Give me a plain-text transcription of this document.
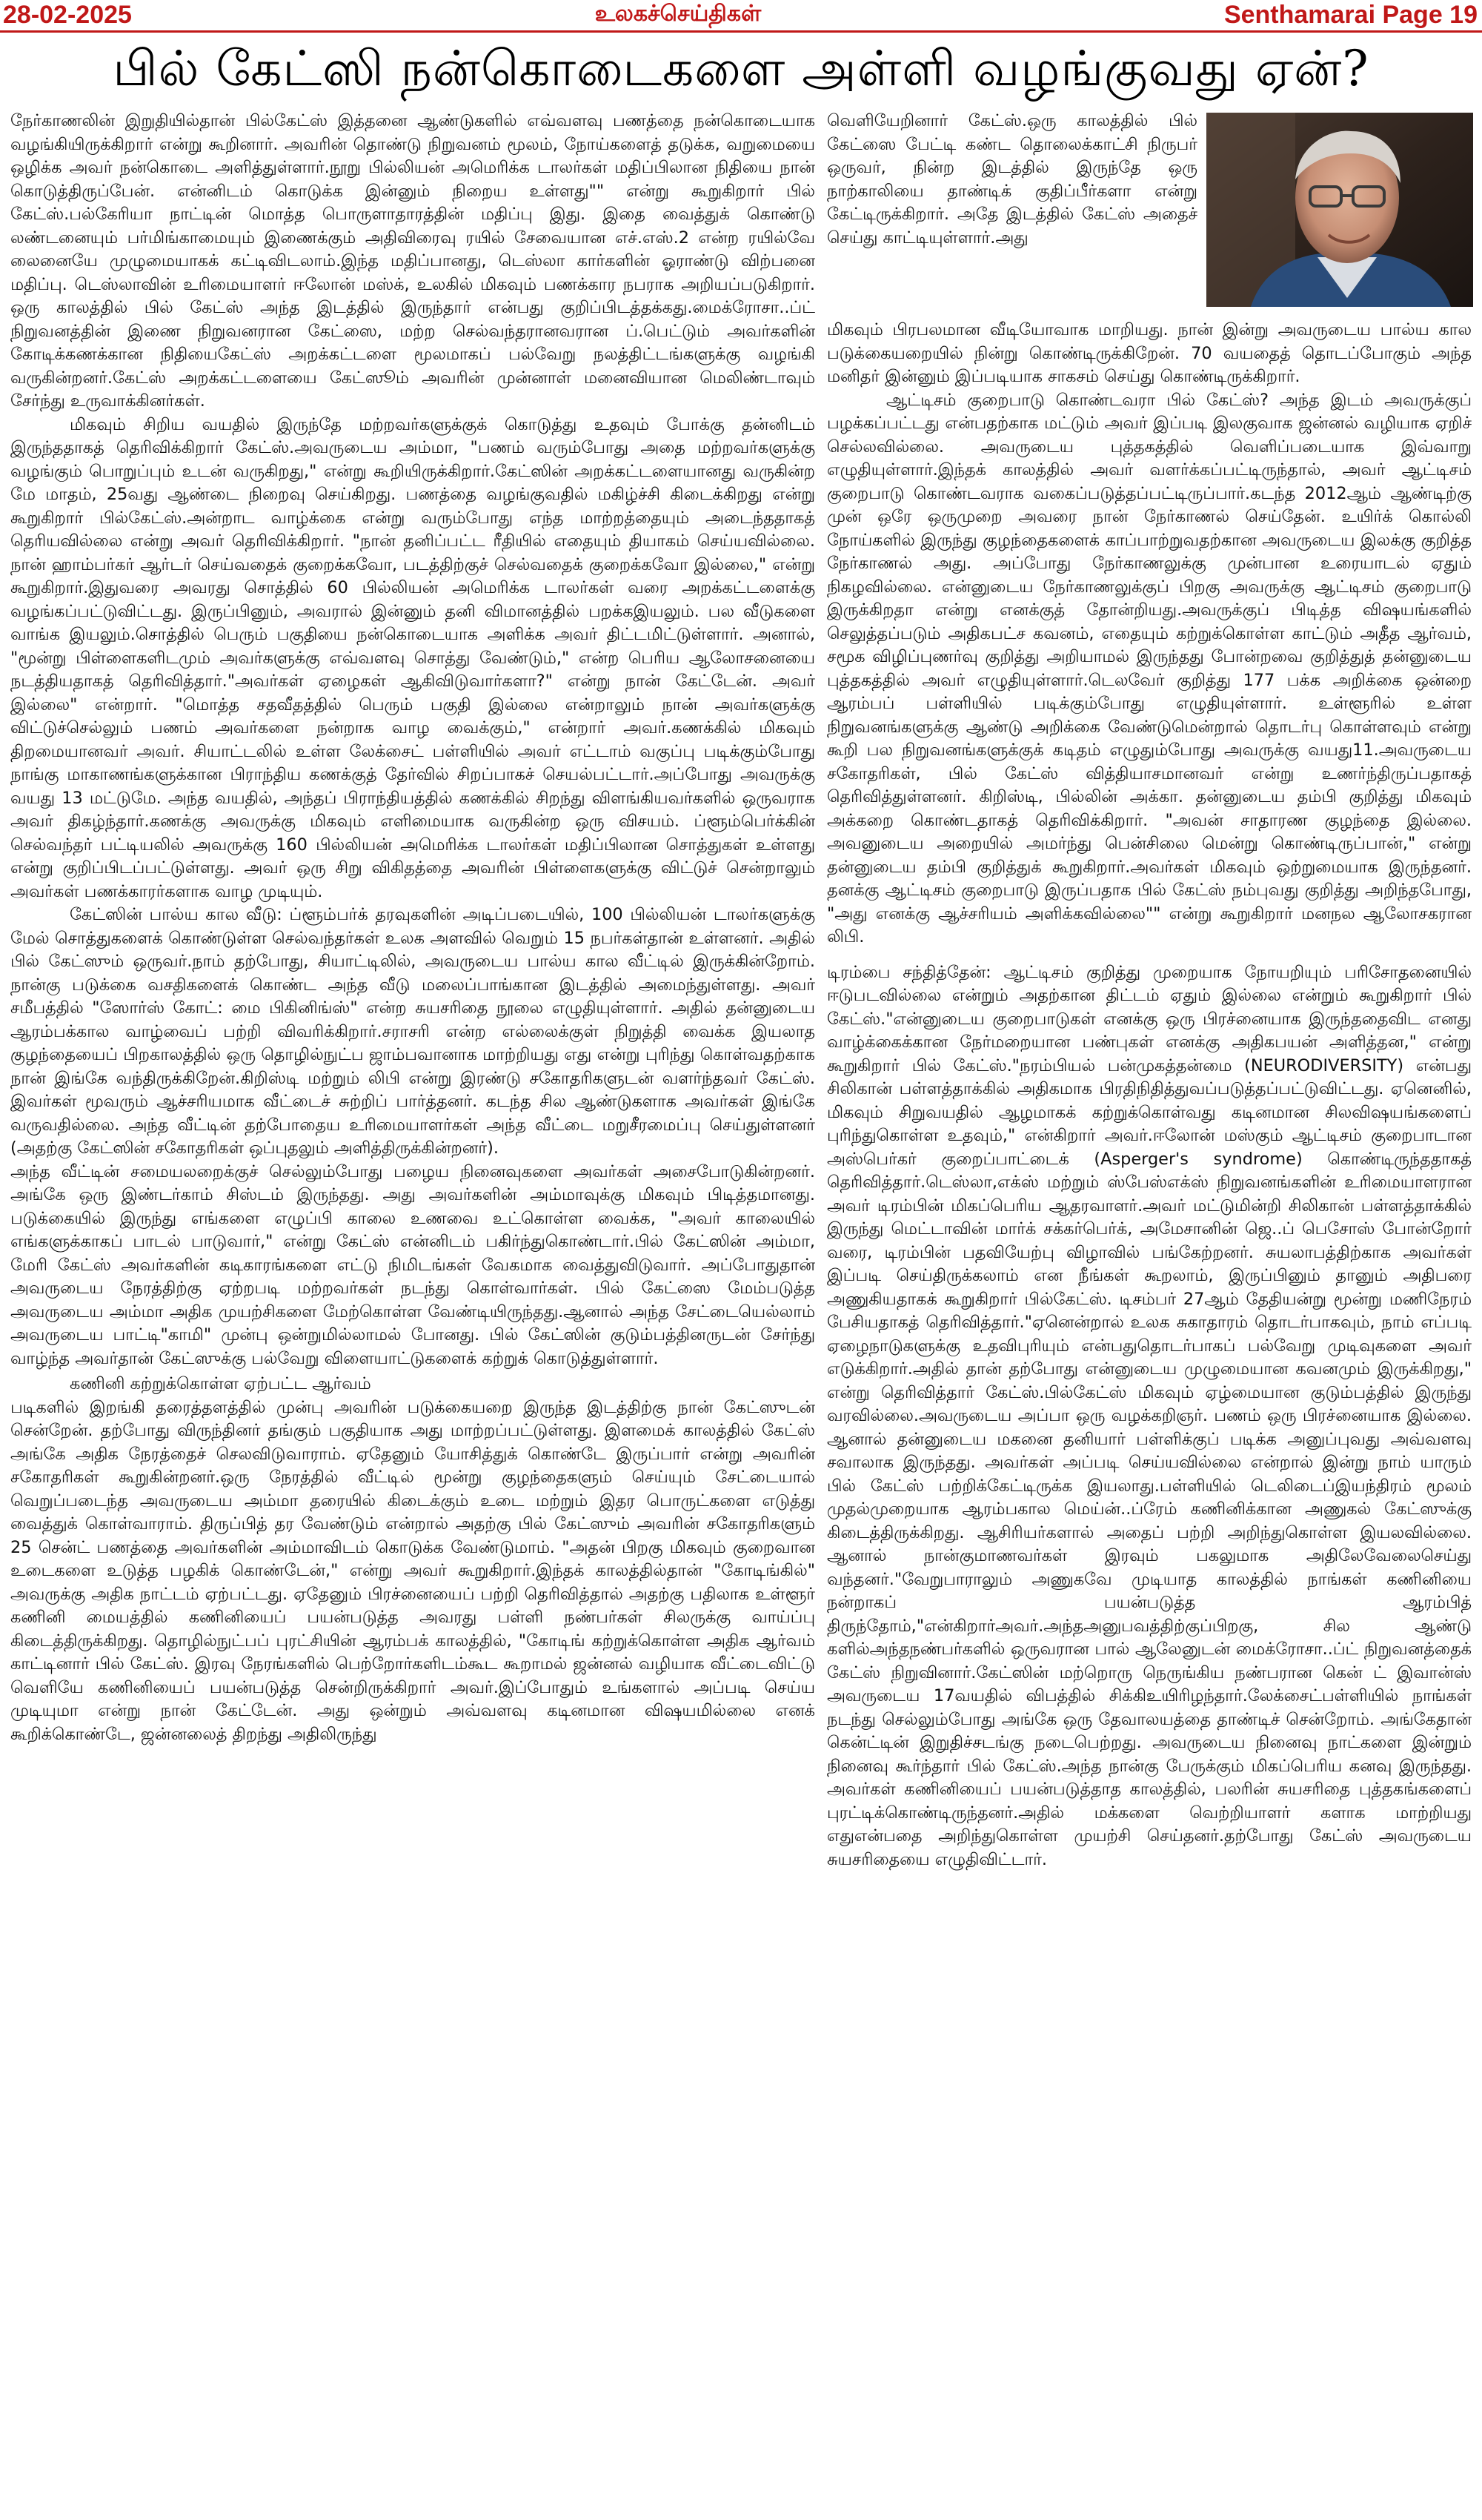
28-02-2025	உலகச்செய்திகள்	Senthamarai Page 19
பில் கேட்ஸி நன்கொடைகளை அள்ளி வழங்குவது ஏன்?

நேர்காணலின் இறுதியில்தான் பில்கேட்ஸ் இத்தனை ஆண்டுகளில் எவ்வளவு பணத்தை நன்கொடையாக வழங்கியிருக்கிறார் என்று கூறினார். அவரின் தொண்டு நிறுவனம் மூலம், நோய்களைத் தடுக்க, வறுமையை ஒழிக்க அவர் நன்கொடை அளித்துள்ளார்.நூறு பில்லியன் அமெரிக்க டாலர்கள் மதிப்பிலான நிதியை நான் கொடுத்திருப்பேன். என்னிடம் கொடுக்க இன்னும் நிறைய உள்ளது"" என்று கூறுகிறார் பில் கேட்ஸ்.பல்கேரியா நாட்டின் மொத்த பொருளாதாரத்தின் மதிப்பு இது. இதை வைத்துக் கொண்டு லண்டனையும் பர்மிங்காமையும் இணைக்கும் அதிவிரைவு ரயில் சேவையான எச்.எஸ்.2 என்ற ரயில்வே லைனையே முழுமையாகக் கட்டிவிடலாம்.இந்த மதிப்பானது, டெஸ்லா கார்களின் ஓராண்டு விற்பனை மதிப்பு. டெஸ்லாவின் உரிமையாளர் ஈலோன் மஸ்க், உலகில் மிகவும் பணக்கார நபராக அறியப்படுகிறார். ஒரு காலத்தில் பில் கேட்ஸ் அந்த இடத்தில் இருந்தார் என்பது குறிப்பிடத்தக்கது.மைக்ரோசா..ப்ட் நிறுவனத்தின் இணை நிறுவனரான கேட்ஸை, மற்ற செல்வந்தரானவரான ப்.பெட்டும் அவர்களின் கோடிக்கணக்கான நிதியைகேட்ஸ் அறக்கட்டளை மூலமாகப் பல்வேறு நலத்திட்டங்களுக்கு வழங்கி வருகின்றனர்.கேட்ஸ் அறக்கட்டளையை கேட்ஸூம் அவரின் முன்னாள் மனைவியான மெலிண்டாவும் சேர்ந்து உருவாக்கினர்கள்.

மிகவும் சிறிய வயதில் இருந்தே மற்றவர்களுக்குக் கொடுத்து உதவும் போக்கு தன்னிடம் இருந்ததாகத் தெரிவிக்கிறார் கேட்ஸ்.அவருடைய அம்மா, "பணம் வரும்போது அதை மற்றவர்களுக்கு வழங்கும் பொறுப்பும் உடன் வருகிறது," என்று கூறியிருக்கிறார்.கேட்ஸின் அறக்கட்டளையானது வருகின்ற மே மாதம், 25வது ஆண்டை நிறைவு செய்கிறது. பணத்தை வழங்குவதில் மகிழ்ச்சி கிடைக்கிறது என்று கூறுகிறார் பில்கேட்ஸ்.அன்றாட வாழ்க்கை என்று வரும்போது எந்த மாற்றத்தையும் அடைந்ததாகத் தெரியவில்லை என்று அவர் தெரிவிக்கிறார். "நான் தனிப்பட்ட ரீதியில் எதையும் தியாகம் செய்யவில்லை. நான் ஹாம்பர்கர் ஆர்டர் செய்வதைக் குறைக்கவோ, படத்திற்குச் செல்வதைக் குறைக்கவோ இல்லை," என்று கூறுகிறார்.இதுவரை அவரது சொத்தில் 60 பில்லியன் அமெரிக்க டாலர்கள் வரை அறக்கட்டளைக்கு வழங்கப்பட்டுவிட்டது. இருப்பினும், அவரால் இன்னும் தனி விமானத்தில் பறக்கஇயலும். பல வீடுகளை வாங்க இயலும்.சொத்தில் பெரும் பகுதியை நன்கொடையாக அளிக்க அவர் திட்டமிட்டுள்ளார். அனால், "மூன்று பிள்ளைகளிடமும் அவர்களுக்கு எவ்வளவு சொத்து வேண்டும்," என்ற பெரிய ஆலோசனையை நடத்தியதாகத் தெரிவித்தார்."அவர்கள் ஏழைகள் ஆகிவிடுவார்களா?" என்று நான் கேட்டேன். அவர் இல்லை" என்றார். "மொத்த சதவீதத்தில் பெரும் பகுதி இல்லை என்றாலும் நான் அவர்களுக்கு விட்டுச்செல்லும் பணம் அவர்களை நன்றாக வாழ வைக்கும்," என்றார் அவர்.கணக்கில் மிகவும் திறமையானவர் அவர். சியாட்டலில் உள்ள லேக்சைட் பள்ளியில் அவர் எட்டாம் வகுப்பு படிக்கும்போது நாங்கு மாகாணங்களுக்கான பிராந்திய கணக்குத் தேர்வில் சிறப்பாகச் செயல்பட்டார்.அப்போது அவருக்கு வயது 13 மட்டுமே. அந்த வயதில், அந்தப் பிராந்தியத்தில் கணக்கில் சிறந்து விளங்கியவர்களில் ஒருவராக அவர் திகழ்ந்தார்.கணக்கு அவருக்கு மிகவும் எளிமையாக வருகின்ற ஒரு விசயம். ப்ளூம்பெர்க்கின் செல்வந்தர் பட்டியலில் அவருக்கு 160 பில்லியன் அமெரிக்க டாலர்கள் மதிப்பிலான சொத்துகள் உள்ளது என்று குறிப்பிடப்பட்டுள்ளது. அவர் ஒரு சிறு விகிதத்தை அவரின் பிள்ளைகளுக்கு விட்டுச் சென்றாலும் அவர்கள் பணக்காரர்களாக வாழ முடியும்.

கேட்ஸின் பால்ய கால வீடு: ப்ளூம்பர்க் தரவுகளின் அடிப்படையில், 100 பில்லியன் டாலர்களுக்கு மேல் சொத்துகளைக் கொண்டுள்ள செல்வந்தர்கள் உலக அளவில் வெறும் 15 நபர்கள்தான் உள்ளனர். அதில் பில் கேட்ஸும் ஒருவர்.நாம் தற்போது, சியாட்டிலில், அவருடைய பால்ய கால வீட்டில் இருக்கின்றோம். நான்கு படுக்கை வசதிகளைக் கொண்ட அந்த வீடு மலைப்பாங்கான இடத்தில் அமைந்துள்ளது. அவர் சமீபத்தில் "ஸோர்ஸ் கோட்: மை பிகினிங்ஸ்" என்ற சுயசரிதை நூலை எழுதியுள்ளார். அதில் தன்னுடைய ஆரம்பக்கால வாழ்வைப் பற்றி விவரிக்கிறார்.சராசரி என்ற எல்லைக்குள் நிறுத்தி வைக்க இயலாத குழந்தையைப் பிறகாலத்தில் ஒரு தொழில்நுட்ப ஜாம்பவானாக மாற்றியது எது என்று புரிந்து கொள்வதற்காக நான் இங்கே வந்திருக்கிறேன்.கிறிஸ்டி மற்றும் லிபி என்று இரண்டு சகோதரிகளுடன் வளர்ந்தவர் கேட்ஸ். இவர்கள் மூவரும் ஆச்சரியமாக வீட்டைச் சுற்றிப் பார்த்தனர். கடந்த சில ஆண்டுகளாக அவர்கள் இங்கே வருவதில்லை. அந்த வீட்டின் தற்போதைய உரிமையாளர்கள் அந்த வீட்டை மறுசீரமைப்பு செய்துள்ளனர் (அதற்கு கேட்ஸின் சகோதரிகள் ஒப்புதலும் அளித்திருக்கின்றனர்).

அந்த வீட்டின் சமையலறைக்குச் செல்லும்போது பழைய நினைவுகளை அவர்கள் அசைபோடுகின்றனர். அங்கே ஒரு இண்டர்காம் சிஸ்டம் இருந்தது. அது அவர்களின் அம்மாவுக்கு மிகவும் பிடித்தமானது. படுக்கையில் இருந்து எங்களை எழுப்பி காலை உணவை உட்கொள்ள வைக்க, "அவர் காலையில் எங்களுக்காகப் பாடல் பாடுவார்," என்று கேட்ஸ் என்னிடம் பகிர்ந்துகொண்டார்.பில் கேட்ஸின் அம்மா, மேரி கேட்ஸ் அவர்களின் கடிகாரங்களை எட்டு நிமிடங்கள் வேகமாக வைத்துவிடுவார். அப்போதுதான் அவருடைய நேரத்திற்கு ஏற்றபடி மற்றவர்கள் நடந்து கொள்வார்கள். பில் கேட்ஸை மேம்படுத்த அவருடைய அம்மா அதிக முயற்சிகளை மேற்கொள்ள வேண்டியிருந்தது.ஆனால் அந்த சேட்டையெல்லாம் அவருடைய பாட்டி"காமி" முன்பு ஒன்றுமில்லாமல் போனது. பில் கேட்ஸின் குடும்பத்தினருடன் சேர்ந்து வாழ்ந்த அவர்தான் கேட்ஸுக்கு பல்வேறு விளையாட்டுகளைக் கற்றுக் கொடுத்துள்ளார்.

கணினி கற்றுக்கொள்ள ஏற்பட்ட ஆர்வம்

படிகளில் இறங்கி தரைத்தளத்தில் முன்பு அவரின் படுக்கையறை இருந்த இடத்திற்கு நான் கேட்ஸுடன் சென்றேன். தற்போது விருந்தினர் தங்கும் பகுதியாக அது மாற்றப்பட்டுள்ளது. இளமைக் காலத்தில் கேட்ஸ் அங்கே அதிக நேரத்தைச் செலவிடுவாராம். ஏதேனும் யோசித்துக் கொண்டே இருப்பார் என்று அவரின் சகோதரிகள் கூறுகின்றனர்.ஒரு நேரத்தில் வீட்டில் மூன்று குழந்தைகளும் செய்யும் சேட்டையால் வெறுப்படைந்த அவருடைய அம்மா தரையில் கிடைக்கும் உடை மற்றும் இதர பொருட்களை எடுத்து வைத்துக் கொள்வாராம். திருப்பித் தர வேண்டும் என்றால் அதற்கு பில் கேட்ஸும் அவரின் சகோதரிகளும் 25 சென்ட் பணத்தை அவர்களின் அம்மாவிடம் கொடுக்க வேண்டுமாம். "அதன் பிறகு மிகவும் குறைவான உடைகளை உடுத்த பழகிக் கொண்டேன்," என்று அவர் கூறுகிறார்.இந்தக் காலத்தில்தான் "கோடிங்கில்" அவருக்கு அதிக நாட்டம் ஏற்பட்டது. ஏதேனும் பிரச்னையைப் பற்றி தெரிவித்தால் அதற்கு பதிலாக உள்ளூர் கணினி மையத்தில் கணினியைப் பயன்படுத்த அவரது பள்ளி நண்பர்கள் சிலருக்கு வாய்ப்பு கிடைத்திருக்கிறது. தொழில்நுட்பப் புரட்சியின் ஆரம்பக் காலத்தில், "கோடிங் கற்றுக்கொள்ள அதிக ஆர்வம் காட்டினார் பில் கேட்ஸ். இரவு நேரங்களில் பெற்றோர்களிடம்கூட கூறாமல் ஜன்னல் வழியாக வீட்டைவிட்டு வெளியே கணினியைப் பயன்படுத்த சென்றிருக்கிறார் அவர்.இப்போதும் உங்களால் அப்படி செய்ய முடியுமா என்று நான் கேட்டேன். அது ஒன்றும் அவ்வளவு கடினமான விஷயமில்லை எனக் கூறிக்கொண்டே, ஜன்னலைத் திறந்து அதிலிருந்து

வெளியேறினார் கேட்ஸ்.ஒரு காலத்தில் பில் கேட்ஸை பேட்டி கண்ட தொலைக்காட்சி நிருபர் ஒருவர், நின்ற இடத்தில் இருந்தே ஒரு நாற்காலியை தாண்டிக் குதிப்பீர்களா என்று கேட்டிருக்கிறார். அதே இடத்தில் கேட்ஸ் அதைச் செய்து காட்டியுள்ளார்.அது

மிகவும் பிரபலமான வீடியோவாக மாறியது. நான் இன்று அவருடைய பால்ய கால படுக்கையறையில் நின்று கொண்டிருக்கிறேன். 70 வயதைத் தொடப்போகும் அந்த மனிதர் இன்னும் இப்படியாக சாகசம் செய்து கொண்டிருக்கிறார்.

ஆட்டிசம் குறைபாடு கொண்டவரா பில் கேட்ஸ்? அந்த இடம் அவருக்குப் பழக்கப்பட்டது என்பதற்காக மட்டும் அவர் இப்படி இலகுவாக ஜன்னல் வழியாக ஏறிச் செல்லவில்லை. அவருடைய புத்தகத்தில் வெளிப்படையாக இவ்வாறு எழுதியுள்ளார்.இந்தக் காலத்தில் அவர் வளர்க்கப்பட்டிருந்தால், அவர் ஆட்டிசம் குறைபாடு கொண்டவராக வகைப்படுத்தப்பட்டிருப்பார்.கடந்த 2012ஆம் ஆண்டிற்கு முன் ஒரே ஒருமுறை அவரை நான் நேர்காணல் செய்தேன். உயிர்க் கொல்லி நோய்களில் இருந்து குழந்தைகளைக் காப்பாற்றுவதற்கான அவருடைய இலக்கு குறித்த நேர்காணல் அது. அப்போது நேர்காணலுக்கு முன்பான உரையாடல் ஏதும் நிகழவில்லை. என்னுடைய நேர்காணலுக்குப் பிறகு அவருக்கு ஆட்டிசம் குறைபாடு இருக்கிறதா என்று எனக்குத் தோன்றியது.அவருக்குப் பிடித்த விஷயங்களில் செலுத்தப்படும் அதிகபட்ச கவனம், எதையும் கற்றுக்கொள்ள காட்டும் அதீத ஆர்வம், சமூக விழிப்புணர்வு குறித்து அறியாமல் இருந்தது போன்றவை குறித்துத் தன்னுடைய புத்தகத்தில் அவர் எழுதியுள்ளார்.டெலவேர் குறித்து 177 பக்க அறிக்கை ஒன்றை ஆரம்பப் பள்ளியில் படிக்கும்போது எழுதியுள்ளார். உள்ளூரில் உள்ள நிறுவனங்களுக்கு ஆண்டு அறிக்கை வேண்டுமென்றால் தொடர்பு கொள்ளவும் என்று கூறி பல நிறுவனங்களுக்குக் கடிதம் எழுதும்போது அவருக்கு வயது11.அவருடைய சகோதரிகள், பில் கேட்ஸ் வித்தியாசமானவர் என்று உணர்ந்திருப்பதாகத் தெரிவித்துள்ளனர். கிறிஸ்டி, பில்லின் அக்கா. தன்னுடைய தம்பி குறித்து மிகவும் அக்கறை கொண்டதாகத் தெரிவிக்கிறார். "அவன் சாதாரண குழந்தை இல்லை. அவனுடைய அறையில் அமர்ந்து பென்சிலை மென்று கொண்டிருப்பான்," என்று தன்னுடைய தம்பி குறித்துக் கூறுகிறார்.அவர்கள் மிகவும் ஒற்றுமையாக இருந்தனர். தனக்கு ஆட்டிசம் குறைபாடு இருப்பதாக பில் கேட்ஸ் நம்புவது குறித்து அறிந்தபோது, "அது எனக்கு ஆச்சரியம் அளிக்கவில்லை"" என்று கூறுகிறார் மனநல ஆலோசகரான லிபி.

டிரம்பை சந்தித்தேன்: ஆட்டிசம் குறித்து முறையாக நோயறியும் பரிசோதனையில் ஈடுபடவில்லை என்றும் அதற்கான திட்டம் ஏதும் இல்லை என்றும் கூறுகிறார் பில் கேட்ஸ்."என்னுடைய குறைபாடுகள் எனக்கு ஒரு பிரச்னையாக இருந்ததைவிட எனது வாழ்க்கைக்கான நேர்மறையான பண்புகள் எனக்கு அதிகபயன் அளித்தன," என்று கூறுகிறார் பில் கேட்ஸ்."நரம்பியல் பன்முகத்தன்மை (NEURODIVERSITY) என்பது சிலிகான் பள்ளத்தாக்கில் அதிகமாக பிரதிநிதித்துவப்படுத்தப்பட்டுவிட்டது. ஏனெனில், மிகவும் சிறுவயதில் ஆழமாகக் கற்றுக்கொள்வது கடினமான சிலவிஷயங்களைப் புரிந்துகொள்ள உதவும்," என்கிறார் அவர்.ஈலோன் மஸ்கும் ஆட்டிசம் குறைபாடான அஸ்பெர்கர் குறைப்பாட்டைக் (Asperger's syndrome) கொண்டிருந்ததாகத் தெரிவித்தார்.டெஸ்லா,எக்ஸ் மற்றும் ஸ்பேஸ்எக்ஸ் நிறுவனங்களின் உரிமையாளரான அவர் டிரம்பின் மிகப்பெரிய ஆதரவாளர்.அவர் மட்டுமின்றி சிலிகான் பள்ளத்தாக்கில் இருந்து மெட்டாவின் மார்க் சக்கர்பெர்க், அமேசானின் ஜெ..ப் பெசோஸ் போன்றோர் வரை, டிரம்பின் பதவியேற்பு விழாவில் பங்கேற்றனர். சுயலாபத்திற்காக அவர்கள் இப்படி செய்திருக்கலாம் என நீங்கள் கூறலாம், இருப்பினும் தானும் அதிபரை அணுகியதாகக் கூறுகிறார் பில்கேட்ஸ். டிசம்பர் 27ஆம் தேதியன்று மூன்று மணிநேரம் பேசியதாகத் தெரிவித்தார்."ஏனென்றால் உலக சுகாதாரம் தொடர்பாகவும், நாம் எப்படி ஏழைநாடுகளுக்கு உதவிபுரியும் என்பதுதொடர்பாகப் பல்வேறு முடிவுகளை அவர் எடுக்கிறார்.அதில் தான் தற்போது என்னுடைய முழுமையான கவனமும் இருக்கிறது," என்று தெரிவித்தார் கேட்ஸ்.பில்கேட்ஸ் மிகவும் ஏழ்மையான குடும்பத்தில் இருந்து வரவில்லை.அவருடைய அப்பா ஒரு வழக்கறிஞர். பணம் ஒரு பிரச்னையாக இல்லை. ஆனால் தன்னுடைய மகனை தனியார் பள்ளிக்குப் படிக்க அனுப்புவது அவ்வளவு சவாலாக இருந்தது. அவர்கள் அப்படி செய்யவில்லை என்றால் இன்று நாம் யாரும் பில் கேட்ஸ் பற்றிக்கேட்டிருக்க இயலாது.பள்ளியில் டெலிடைப்இயந்திரம் மூலம் முதல்முறையாக ஆரம்பகால மெய்ன்..ப்ரேம் கணினிக்கான அணுகல் கேட்ஸுக்கு கிடைத்திருக்கிறது. ஆசிரியர்களால் அதைப் பற்றி அறிந்துகொள்ள இயலவில்லை. ஆனால் நான்குமாணவர்கள் இரவும் பகலுமாக அதிலேவேலைசெய்து வந்தனர்."வேறுபாராலும் அணுகவே முடியாத காலத்தில் நாங்கள் கணினியை நன்றாகப் பயன்படுத்த ஆரம்பித் திருந்தோம்,"என்கிறார்அவர்.அந்தஅனுபவத்திற்குப்பிறகு, சில ஆண்டு களில்அந்தநண்பர்களில் ஒருவரான பால் ஆலேனுடன் மைக்ரோசா..ப்ட் நிறுவனத்தைக் கேட்ஸ் நிறுவினார்.கேட்ஸின் மற்றொரு நெருங்கிய நண்பரான கென் ட் இவான்ஸ் அவருடைய 17வயதில் விபத்தில் சிக்கிஉயிரிழந்தார்.லேக்சைட்பள்ளியில் நாங்கள் நடந்து செல்லும்போது அங்கே ஒரு தேவாலயத்தை தாண்டிச் சென்றோம். அங்கேதான் கென்ட்டின் இறுதிச்சடங்கு நடைபெற்றது. அவருடைய நினைவு நாட்களை இன்றும் நினைவு கூர்ந்தார் பில் கேட்ஸ்.அந்த நான்கு பேருக்கும் மிகப்பெரிய கனவு இருந்தது. அவர்கள் கணினியைப் பயன்படுத்தாத காலத்தில், பலரின் சுயசரிதை புத்தகங்களைப் புரட்டிக்கொண்டிருந்தனர்.அதில் மக்களை வெற்றியாளர் களாக மாற்றியது எதுஎன்பதை அறிந்துகொள்ள முயற்சி செய்தனர்.தற்போது கேட்ஸ் அவருடைய சுயசரிதையை எழுதிவிட்டார்.
